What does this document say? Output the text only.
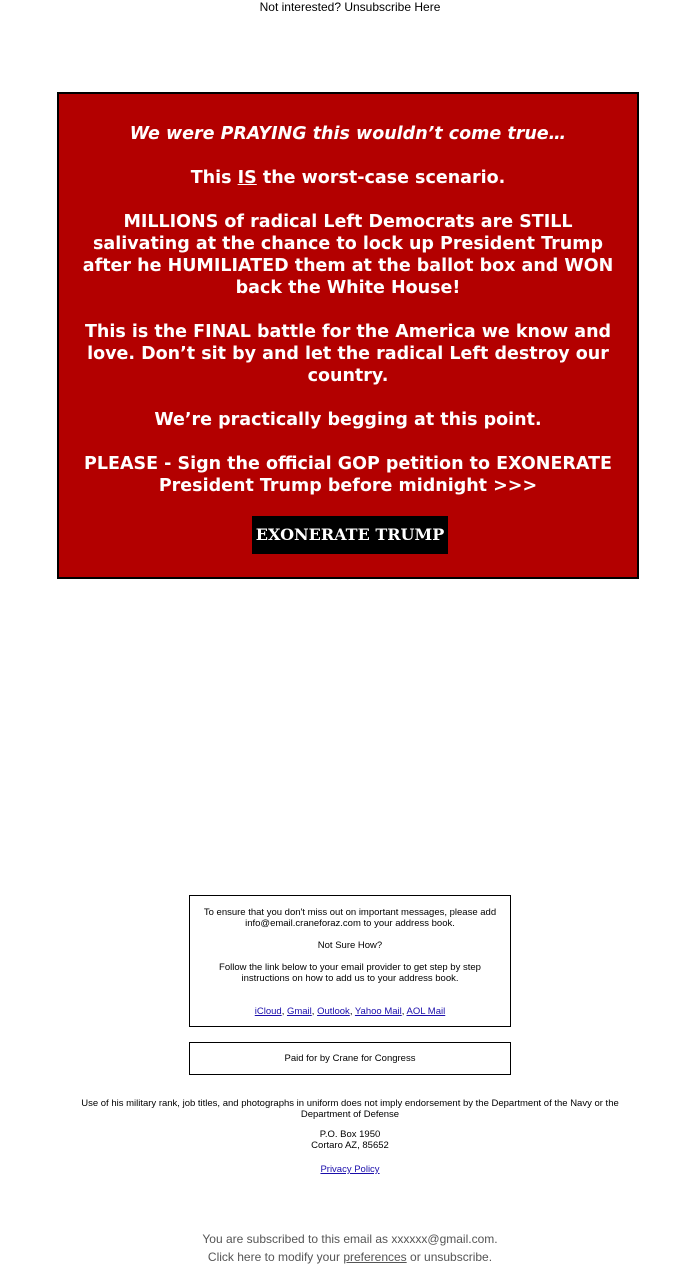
Not interested? Unsubscribe Here

We were PRAYING this wouldn’t come true…

This IS the worst-case scenario.

MILLIONS of radical Left Democrats are STILL salivating at the chance to lock up President Trump after he HUMILIATED them at the ballot box and WON back the White House!

This is the FINAL battle for the America we know and love. Don’t sit by and let the radical Left destroy our country.

We’re practically begging at this point.

PLEASE - Sign the official GOP petition to EXONERATE President Trump before midnight >>>

EXONERATE TRUMP

To ensure that you don't miss out on important messages, please add info@email.craneforaz.com to your address book.

Not Sure How?

Follow the link below to your email provider to get step by step instructions on how to add us to your address book.

iCloud, Gmail, Outlook, Yahoo Mail, AOL Mail
Paid for by Crane for Congress
Use of his military rank, job titles, and photographs in uniform does not imply endorsement by the Department of the Navy or the Department of Defense
P.O. Box 1950
Cortaro AZ, 85652
Privacy Policy
You are subscribed to this email as xxxxxx@gmail.com.
Click here to modify your preferences or unsubscribe.
